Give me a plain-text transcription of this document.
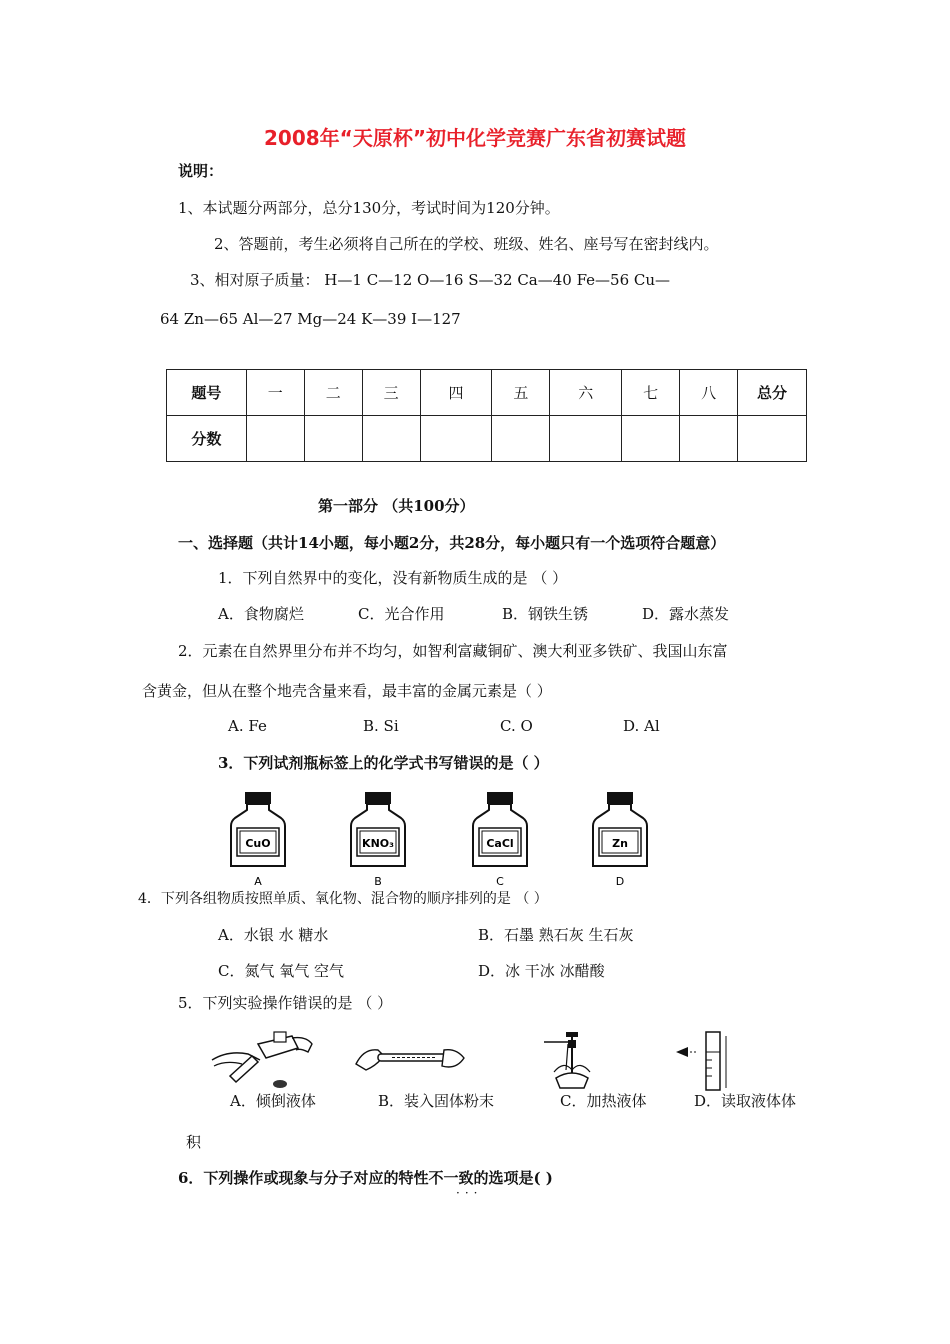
2008年“天原杯”初中化学竞赛广东省初赛试题
说明：
1、本试题分两部分，总分130分，考试时间为120分钟。
2、答题前，考生必须将自己所在的学校、班级、姓名、座号写在密封线内。
3、相对原子质量： H—1 C—12 O—16 S—32 Ca—40 Fe—56 Cu—
64 Zn—65 Al—27 Mg—24 K—39 I—127
题号	一	二	三	四	五	六	七	八	总分
分数									
第一部分 （共100分）
一、选择题（共计14小题，每小题2分，共28分，每小题只有一个选项符合题意）
1．下列自然界中的变化，没有新物质生成的是 （ ）
A．食物腐烂	C．光合作用	B．钢铁生锈	D．露水蒸发
2．元素在自然界里分布并不均匀，如智利富藏铜矿、澳大利亚多铁矿、我国山东富
含黄金，但从在整个地壳含量来看，最丰富的金属元素是（ ）
A. Fe	B. Si	C. O	D. Al
3．下列试剂瓶标签上的化学式书写错误的是（ ）
CuO
A
KNO₃
B
CaCl
C
Zn
D
4．下列各组物质按照单质、氧化物、混合物的顺序排列的是 （ ）
A．水银 水 糖水	B．石墨 熟石灰 生石灰
C．氮气 氧气 空气	D．冰 干冰 冰醋酸
5．下列实验操作错误的是 （ ）
A．倾倒液体	B．装入固体粉末	C．加热液体	D．读取液体体
积
6．下列操作或现象与分子对应的特性不一致的选项是( )
···
